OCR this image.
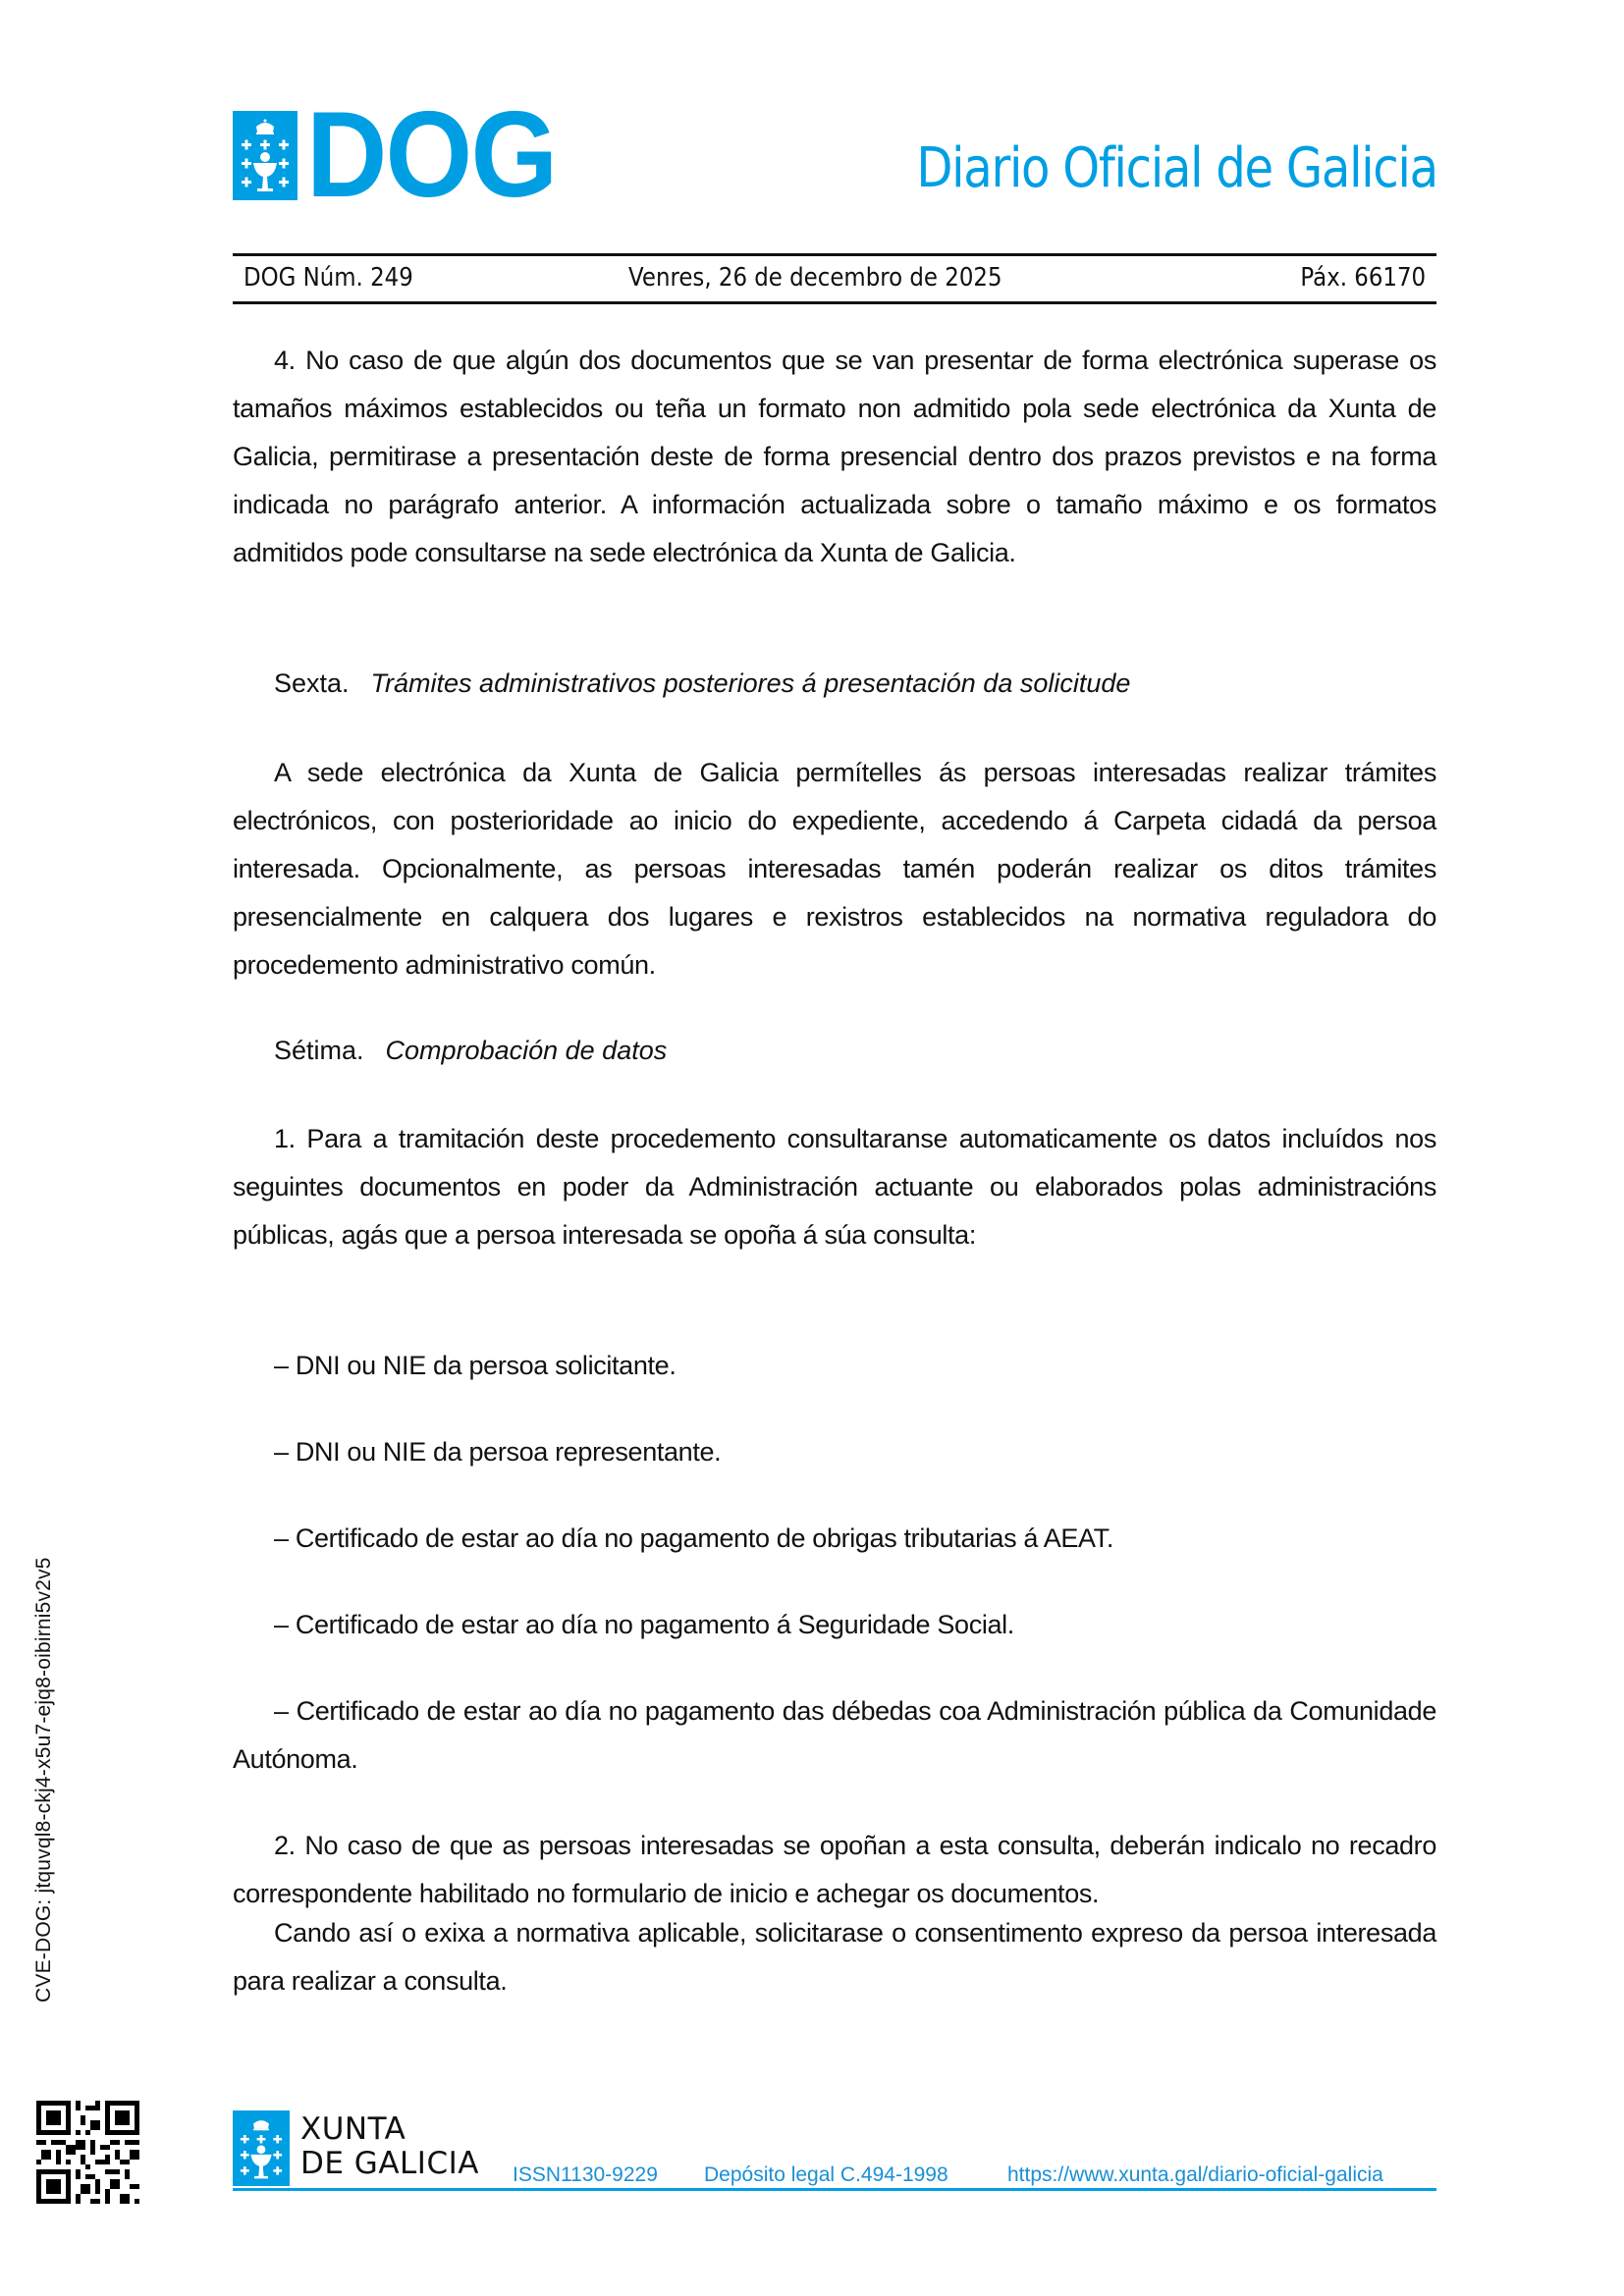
DOG	Diario Oficial de Galicia
DOG Núm. 249	Venres, 26 de decembro de 2025	Páx. 66170
4. No caso de que algún dos documentos que se van presentar de forma electrónica superase os tamaños máximos establecidos ou teña un formato non admitido pola sede electrónica da Xunta de Galicia, permitirase a presentación deste de forma presencial dentro dos prazos previstos e na forma indicada no parágrafo anterior. A información actualizada sobre o tamaño máximo e os formatos admitidos pode consultarse na sede electrónica da Xunta de Galicia.
Sexta. Trámites administrativos posteriores á presentación da solicitude
A sede electrónica da Xunta de Galicia permítelles ás persoas interesadas realizar trámites electrónicos, con posterioridade ao inicio do expediente, accedendo á Carpeta cidadá da persoa interesada. Opcionalmente, as persoas interesadas tamén poderán realizar os ditos trámites presencialmente en calquera dos lugares e rexistros establecidos na normativa reguladora do procedemento administrativo común.
Sétima. Comprobación de datos
1. Para a tramitación deste procedemento consultaranse automaticamente os datos incluídos nos seguintes documentos en poder da Administración actuante ou elaborados polas administracións públicas, agás que a persoa interesada se opoña á súa consulta:
– DNI ou NIE da persoa solicitante.
– DNI ou NIE da persoa representante.
– Certificado de estar ao día no pagamento de obrigas tributarias á AEAT.
– Certificado de estar ao día no pagamento á Seguridade Social.
– Certificado de estar ao día no pagamento das débedas coa Administración pública da Comunidade Autónoma.
2. No caso de que as persoas interesadas se opoñan a esta consulta, deberán indicalo no recadro correspondente habilitado no formulario de inicio e achegar os documentos.
Cando así o exixa a normativa aplicable, solicitarase o consentimento expreso da persoa interesada para realizar a consulta.
CVE-DOG: jtquvql8-ckj4-x5u7-ejq8-oibirni5v2v5
XUNTA
DE GALICIA ISSN1130-9229 Depósito legal C.494-1998	https://www.xunta.gal/diario-oficial-galicia
